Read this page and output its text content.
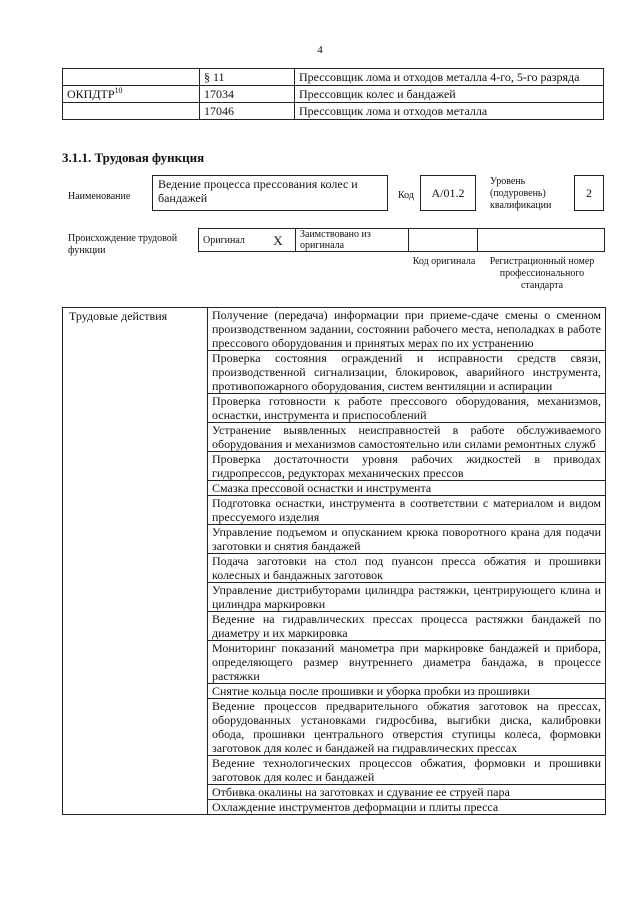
4
	§ 11	Прессовщик лома и отходов металла 4-го, 5-го разряда
ОКПДТР$^{10}$	17034	Прессовщик колес и бандажей
	17046	Прессовщик лома и отходов металла
3.1.1. Трудовая функция
Наименование
Ведение процесса прессования колес и бандажей	Код	A/01.2
Уровень (подуровень) квалификации
2
Происхождение трудовой функции
Оригинал	X	Заимствовано из оригинала		
Код оригинала	Регистрационный номер профессионального стандарта
Трудовые действия	Получение (передача) информации при приеме-сдаче смены о сменном производственном задании, состоянии рабочего места, неполадках в работе прессового оборудования и принятых мерах по их устранению
Проверка состояния ограждений и исправности средств связи, производственной сигнализации, блокировок, аварийного инструмента, противопожарного оборудования, систем вентиляции и аспирации
Проверка готовности к работе прессового оборудования, механизмов, оснастки, инструмента и приспособлений
Устранение выявленных неисправностей в работе обслуживаемого оборудования и механизмов самостоятельно или силами ремонтных служб
Проверка достаточности уровня рабочих жидкостей в приводах гидропрессов, редукторах механических прессов
Смазка прессовой оснастки и инструмента
Подготовка оснастки, инструмента в соответствии с материалом и видом прессуемого изделия
Управление подъемом и опусканием крюка поворотного крана для подачи заготовки и снятия бандажей
Подача заготовки на стол под пуансон пресса обжатия и прошивки колесных и бандажных заготовок
Управление дистрибуторами цилиндра растяжки, центрирующего клина и цилиндра маркировки
Ведение на гидравлических прессах процесса растяжки бандажей по диаметру и их маркировка
Мониторинг показаний манометра при маркировке бандажей и прибора, определяющего размер внутреннего диаметра бандажа, в процессе растяжки
Снятие кольца после прошивки и уборка пробки из прошивки
Ведение процессов предварительного обжатия заготовок на прессах, оборудованных установками гидросбива, выгибки диска, калибровки обода, прошивки центрального отверстия ступицы колеса, формовки заготовок для колес и бандажей на гидравлических прессах
Ведение технологических процессов обжатия, формовки и прошивки заготовок для колес и бандажей
Отбивка окалины на заготовках и сдувание ее струей пара
Охлаждение инструментов деформации и плиты пресса
